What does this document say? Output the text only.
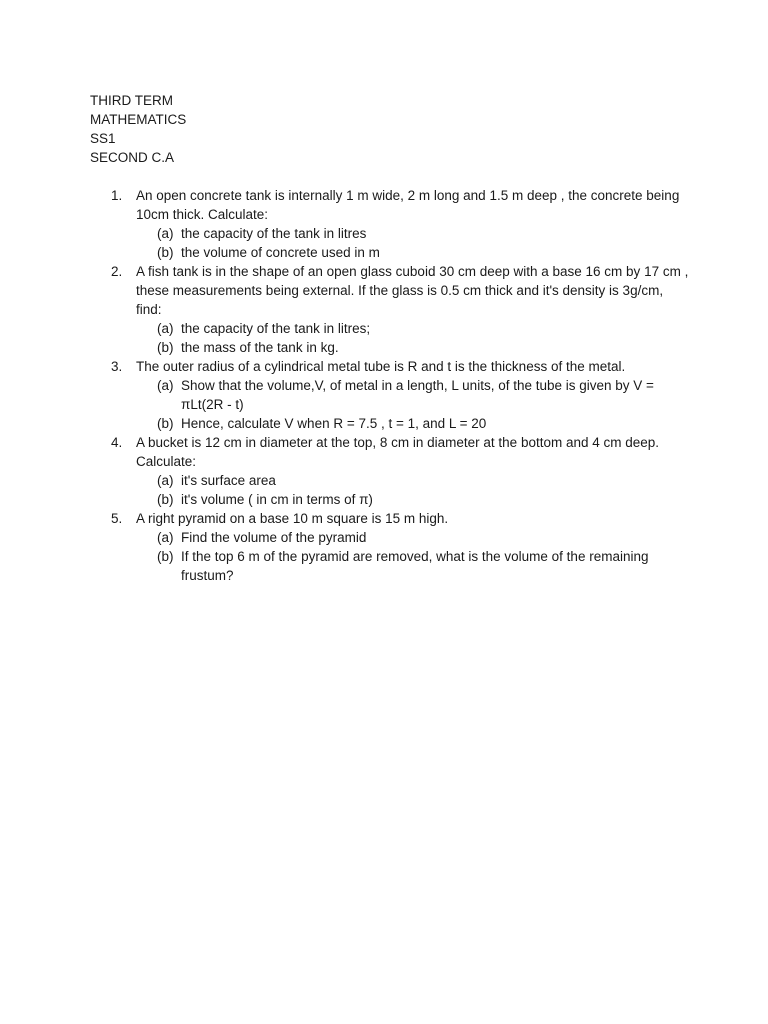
THIRD TERM
MATHEMATICS
SS1
SECOND C.A
1.	An open concrete tank is internally 1 m wide, 2 m long and 1.5 m deep , the concrete being 10cm thick. Calculate:
(a) the capacity of the tank in litres
(b) the volume of concrete used in m
2.	A fish tank is in the shape of an open glass cuboid 30 cm deep with a base 16 cm by 17 cm , these measurements being external. If the glass is 0.5 cm thick and it's density is 3g/cm, find:
(a) the capacity of the tank in litres;
(b) the mass of the tank in kg.
3.	The outer radius of a cylindrical metal tube is R and t is the thickness of the metal.
(a) Show that the volume,V, of metal in a length, L units, of the tube is given by V = πLt(2R - t)
(b) Hence, calculate V when R = 7.5 , t = 1, and L = 20
4.	A bucket is 12 cm in diameter at the top, 8 cm in diameter at the bottom and 4 cm deep. Calculate:
(a) it's surface area
(b) it's volume ( in cm in terms of π)
5.	A right pyramid on a base 10 m square is 15 m high.
(a) Find the volume of the pyramid
(b) If the top 6 m of the pyramid are removed, what is the volume of the remaining frustum?
